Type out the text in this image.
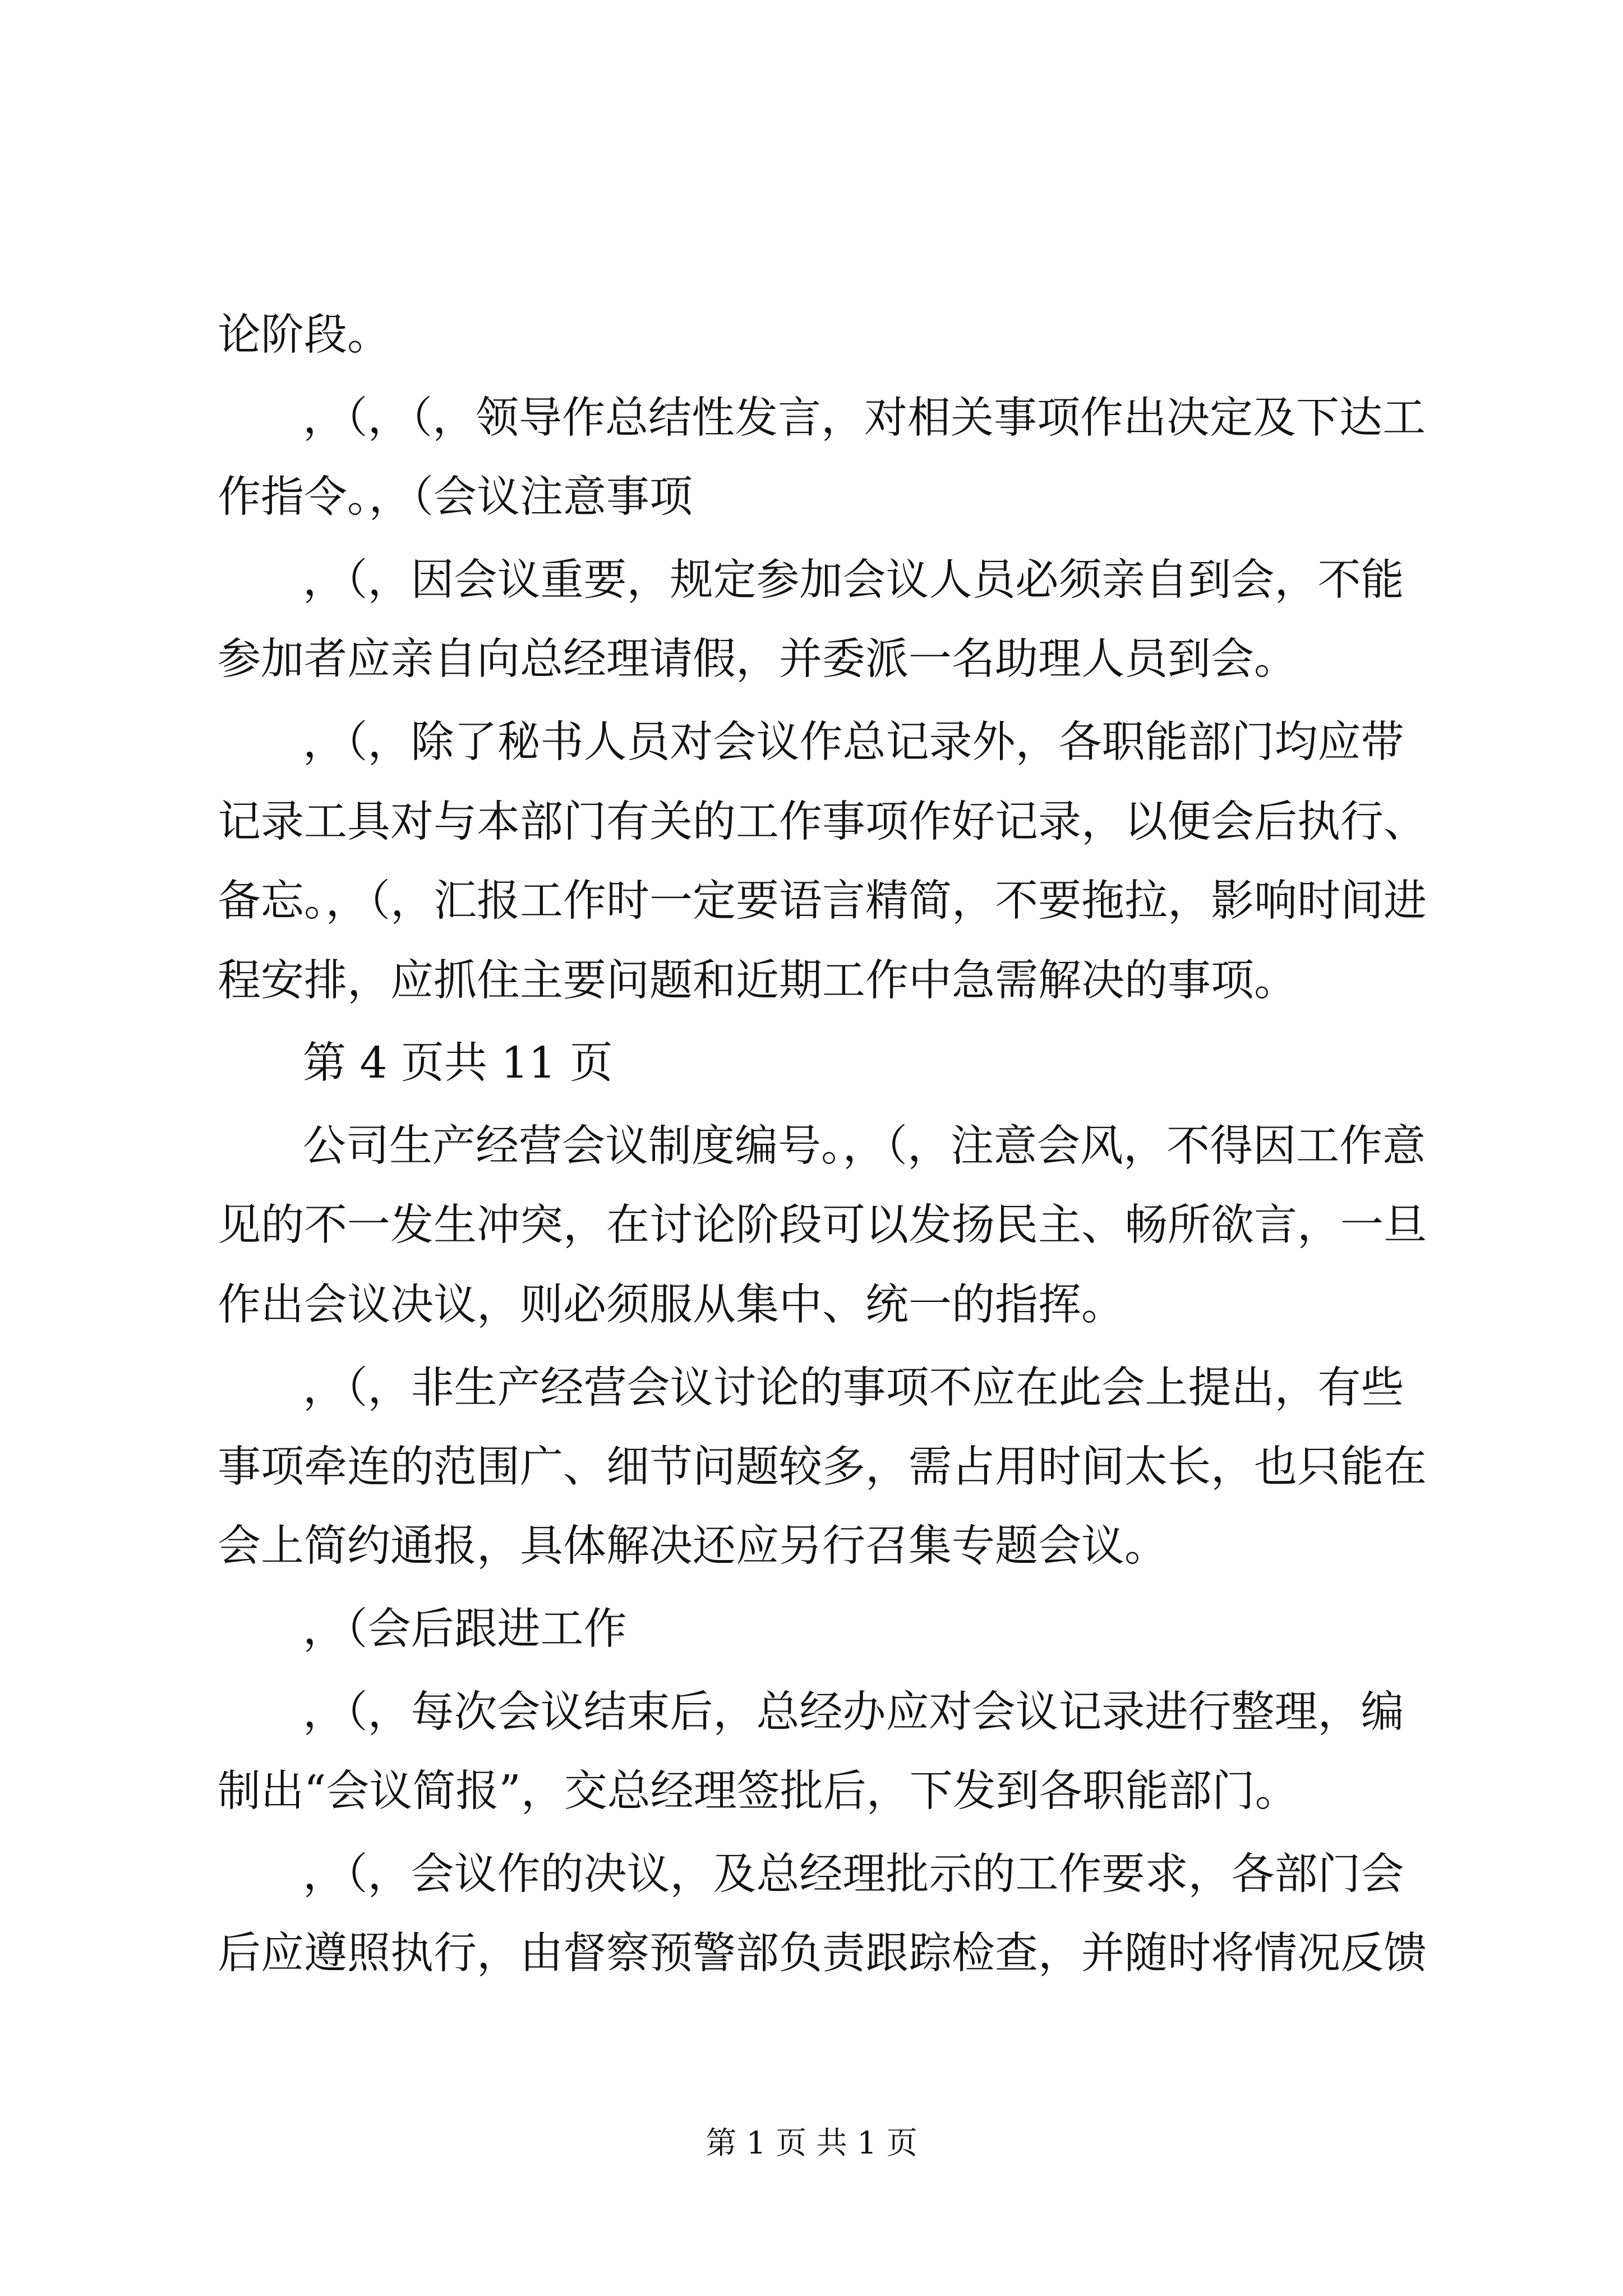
论阶段。
，（，（，领导作总结性发言，对相关事项作出决定及下达工
作指令。，（会议注意事项
，（，因会议重要，规定参加会议人员必须亲自到会，不能
参加者应亲自向总经理请假，并委派一名助理人员到会。
，（，除了秘书人员对会议作总记录外，各职能部门均应带
记录工具对与本部门有关的工作事项作好记录，以便会后执行、
备忘。，（，汇报工作时一定要语言精简，不要拖拉，影响时间进
程安排，应抓住主要问题和近期工作中急需解决的事项。
第 4 页共 11 页
公司生产经营会议制度编号。，（，注意会风，不得因工作意
见的不一发生冲突，在讨论阶段可以发扬民主、畅所欲言，一旦
作出会议决议，则必须服从集中、统一的指挥。
，（，非生产经营会议讨论的事项不应在此会上提出，有些
事项牵连的范围广、细节问题较多，需占用时间太长，也只能在
会上简约通报，具体解决还应另行召集专题会议。
，（会后跟进工作
，（，每次会议结束后，总经办应对会议记录进行整理，编
制出“会议简报”，交总经理签批后，下发到各职能部门。
，（，会议作的决议，及总经理批示的工作要求，各部门会
后应遵照执行，由督察预警部负责跟踪检查，并随时将情况反馈
第 1 页 共 1 页
